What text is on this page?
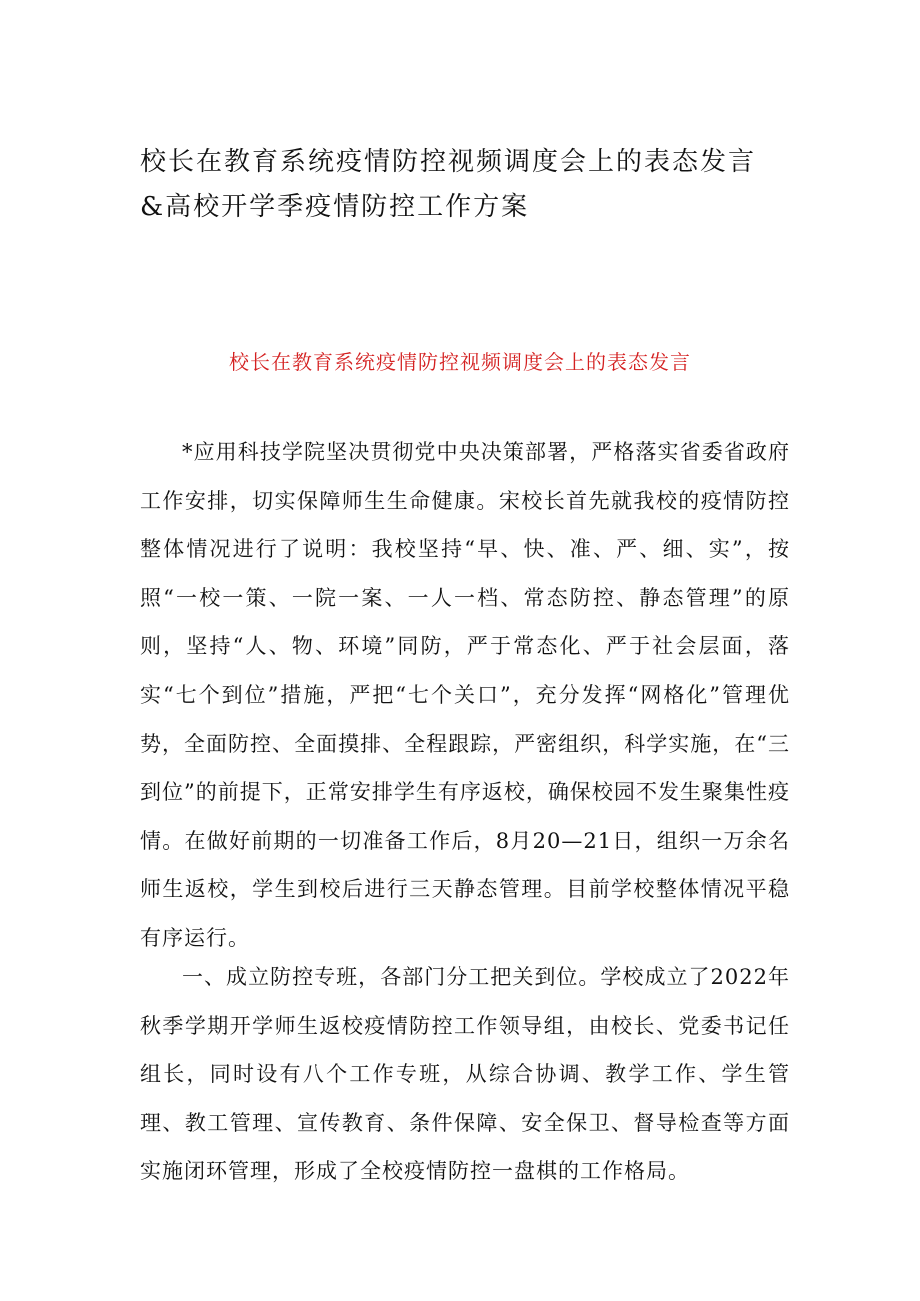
校长在教育系统疫情防控视频调度会上的表态发言
&高校开学季疫情防控工作方案
校长在教育系统疫情防控视频调度会上的表态发言

*应用科技学院坚决贯彻党中央决策部署，严格落实省委省政府工作安排，切实保障师生生命健康。宋校长首先就我校的疫情防控整体情况进行了说明：我校坚持“早、快、准、严、细、实”，按照“一校一策、一院一案、一人一档、常态防控、静态管理”的原则，坚持“人、物、环境”同防，严于常态化、严于社会层面，落实“七个到位”措施，严把“七个关口”，充分发挥“网格化”管理优势，全面防控、全面摸排、全程跟踪，严密组织，科学实施，在“三到位”的前提下，正常安排学生有序返校，确保校园不发生聚集性疫情。在做好前期的一切准备工作后，8月20—21日，组织一万余名师生返校，学生到校后进行三天静态管理。目前学校整体情况平稳有序运行。

一、成立防控专班，各部门分工把关到位。学校成立了2022年秋季学期开学师生返校疫情防控工作领导组，由校长、党委书记任组长，同时设有八个工作专班，从综合协调、教学工作、学生管理、教工管理、宣传教育、条件保障、安全保卫、督导检查等方面实施闭环管理，形成了全校疫情防控一盘棋的工作格局。
